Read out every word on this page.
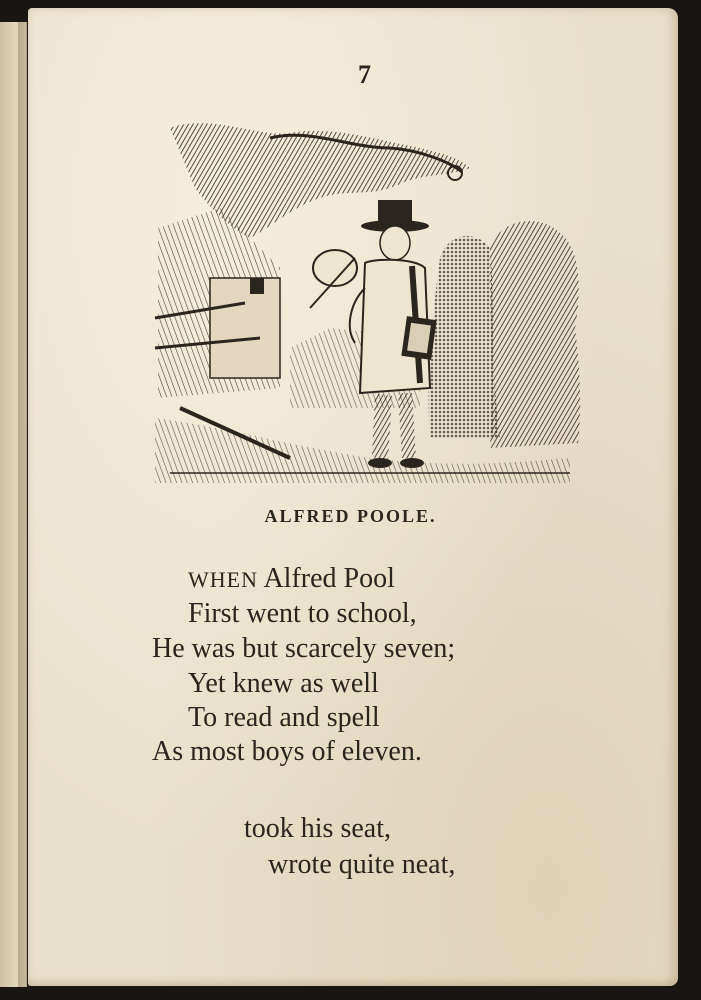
7
ALFRED POOLE.
WHEN Alfred Pool
First went to school,
He was but scarcely seven;
Yet knew as well
To read and spell
As most boys of eleven.
took his seat,
wrote quite neat,
